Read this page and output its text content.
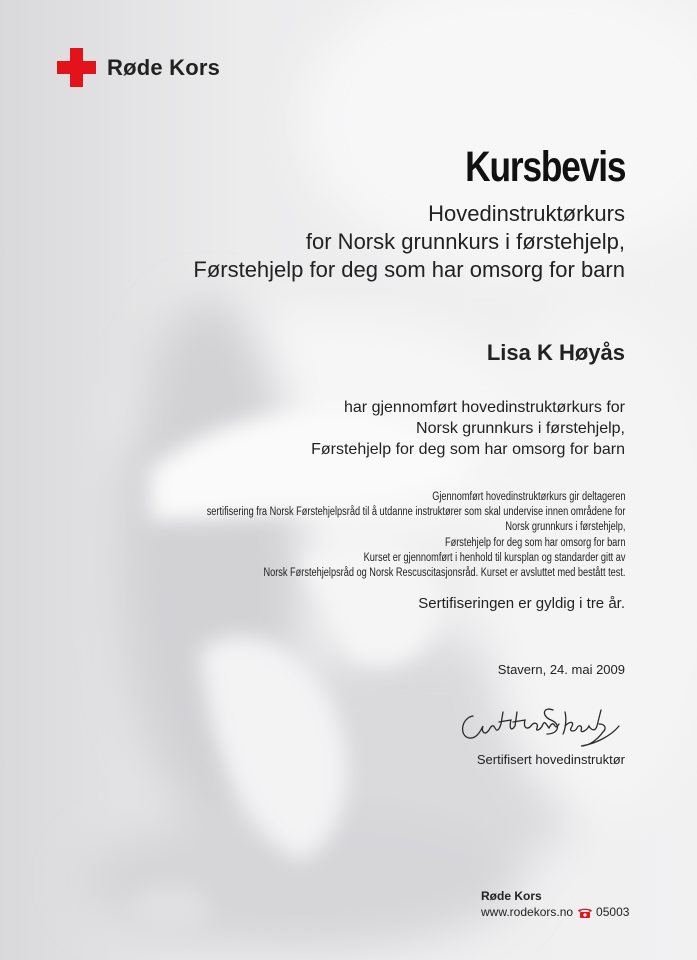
Røde Kors
Kursbevis
Hovedinstruktørkurs
for Norsk grunnkurs i førstehjelp,
Førstehjelp for deg som har omsorg for barn
Lisa K Høyås
har gjennomført hovedinstruktørkurs for
Norsk grunnkurs i førstehjelp,
Førstehjelp for deg som har omsorg for barn
Gjennomført hovedinstruktørkurs gir deltageren
sertifisering fra Norsk Førstehjelpsråd til å utdanne instruktører som skal undervise innen områdene for
Norsk grunnkurs i førstehjelp,
Førstehjelp for deg som har omsorg for barn
Kurset er gjennomført i henhold til kursplan og standarder gitt av
Norsk Førstehjelpsråd og Norsk Rescuscitasjonsråd. Kurset er avsluttet med bestått test.
Sertifiseringen er gyldig i tre år.
Stavern, 24. mai 2009
Sertifisert hovedinstruktør
Røde Kors
www.rodekors.no 05003
